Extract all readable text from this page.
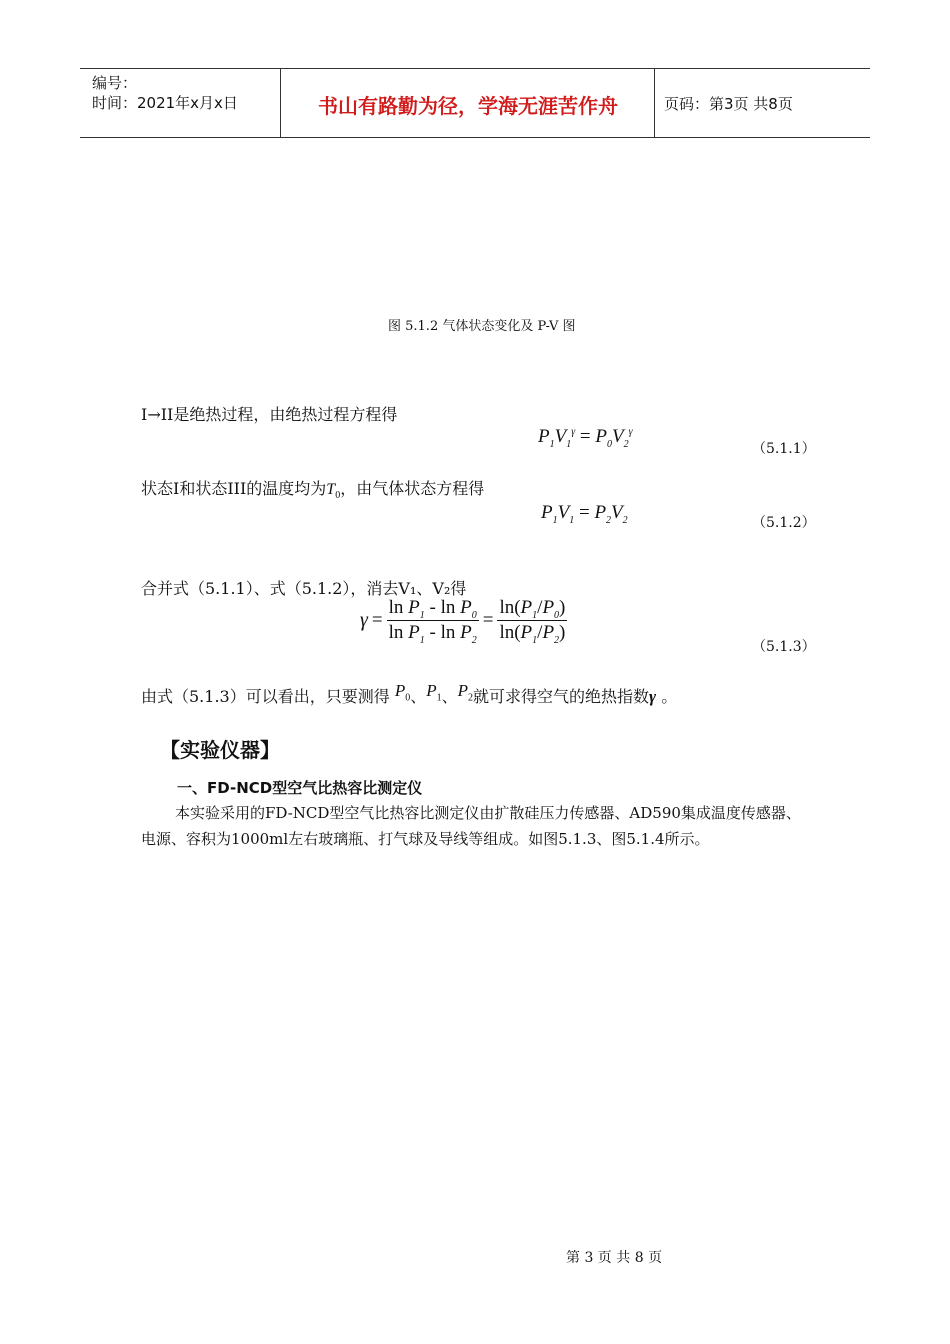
编号：
时间：2021年x月x日	书山有路勤为径，学海无涯苦作舟	页码：第3页 共8页
图 5.1.2 气体状态变化及 P-V 图
I→II是绝热过程，由绝热过程方程得
$P_1V_1^\gamma = P_0V_2^\gamma$
（5.1.1）
状态I和状态III的温度均为$T_0$，由气体状态方程得
$P_1V_1 = P_2V_2$	（5.1.2）
合并式（5.1.1）、式（5.1.2），消去V₁、V₂得
$\gamma = \frac{\ln P_1 - \ln P_0}{\ln P_1 - \ln P_2} = \frac{\ln(P_1/P_0)}{\ln(P_1/P_2)}$
（5.1.3）
由式（5.1.3）可以看出，只要测得 $P_0$、$P_1$、$P_2$就可求得空气的绝热指数γ 。
【实验仪器】
一、FD-NCD型空气比热容比测定仪
本实验采用的FD-NCD型空气比热容比测定仪由扩散硅压力传感器、AD590集成温度传感器、电源、容积为1000ml左右玻璃瓶、打气球及导线等组成。如图5.1.3、图5.1.4所示。
第 3 页 共 8 页
